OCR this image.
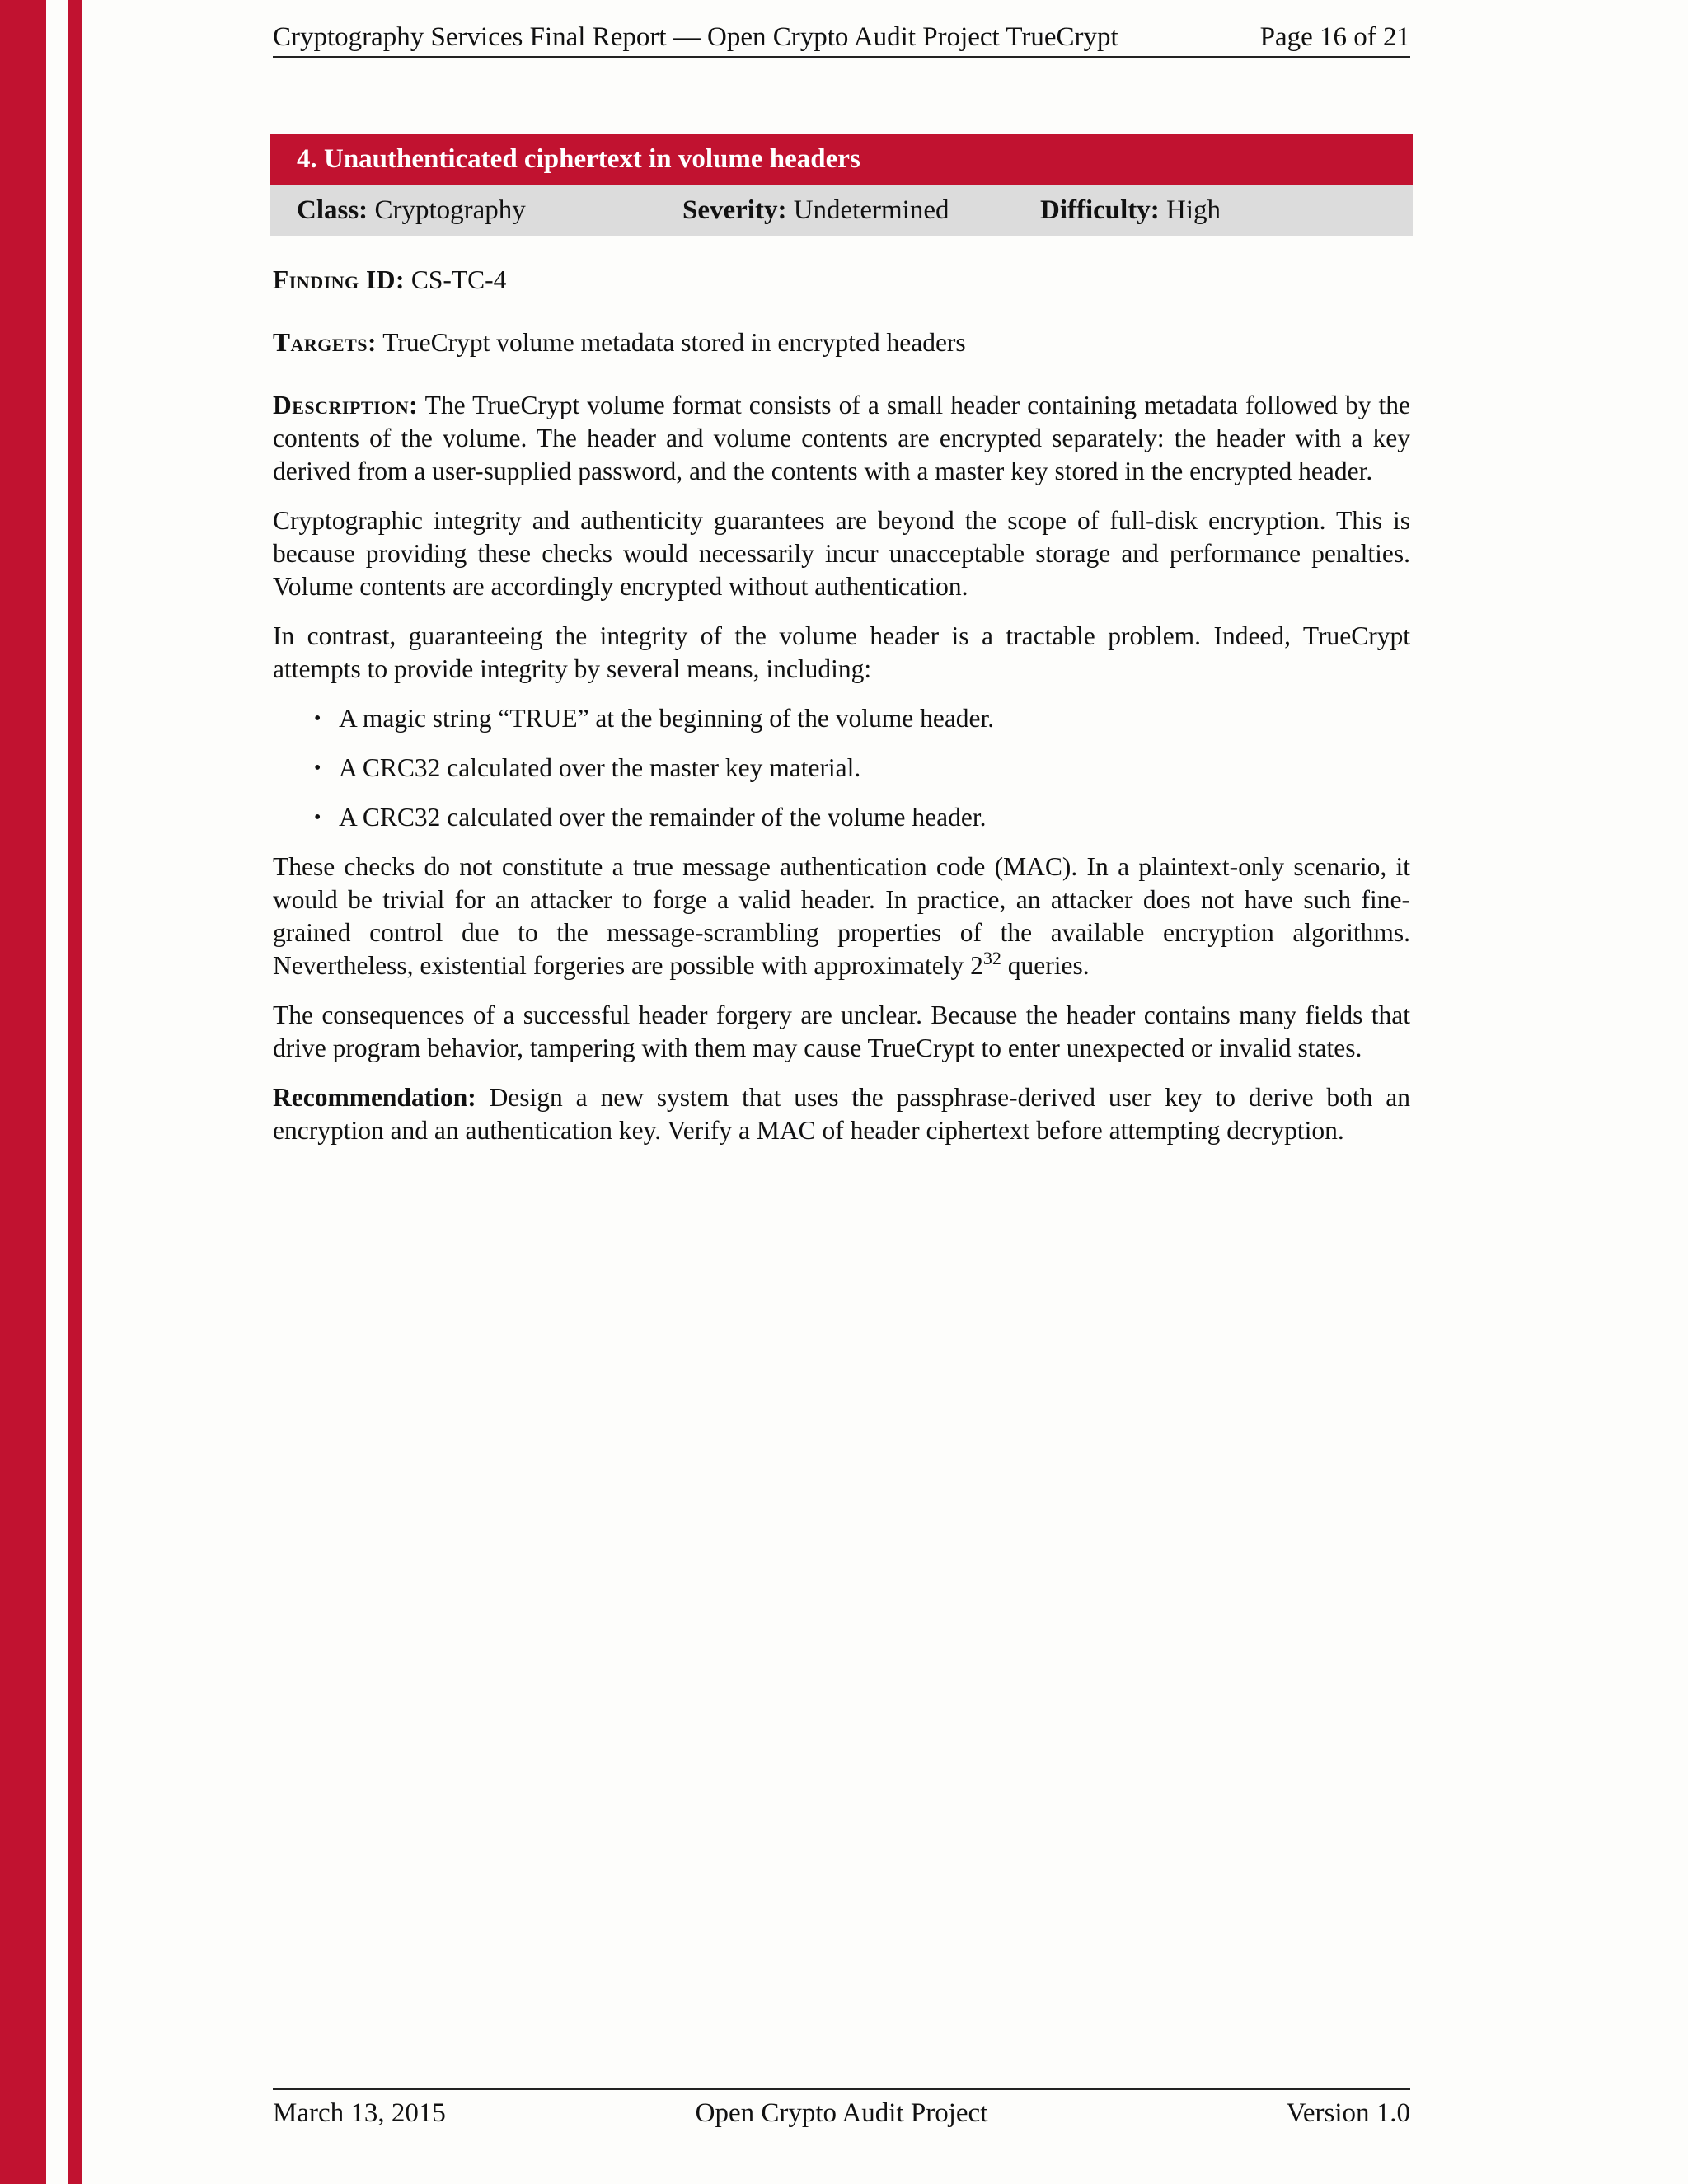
Cryptography Services Final Report — Open Crypto Audit Project TrueCrypt	Page 16 of 21
4. Unauthenticated ciphertext in volume headers
Class: Cryptography	Severity: Undetermined	Difficulty: High

Finding ID: CS-TC-4

Targets: TrueCrypt volume metadata stored in encrypted headers

Description: The TrueCrypt volume format consists of a small header containing metadata followed by the contents of the volume. The header and volume contents are encrypted separately: the header with a key derived from a user-supplied password, and the contents with a master key stored in the encrypted header.

Cryptographic integrity and authenticity guarantees are beyond the scope of full-disk encryption. This is because providing these checks would necessarily incur unacceptable storage and performance penalties. Volume contents are accordingly encrypted without authentication.

In contrast, guaranteeing the integrity of the volume header is a tractable problem. Indeed, TrueCrypt attempts to provide integrity by several means, including:

• A magic string “TRUE” at the beginning of the volume header.
• A CRC32 calculated over the master key material.
• A CRC32 calculated over the remainder of the volume header.

These checks do not constitute a true message authentication code (MAC). In a plaintext-only scenario, it would be trivial for an attacker to forge a valid header. In practice, an attacker does not have such fine-grained control due to the message-scrambling properties of the available encryption algorithms. Nevertheless, existential forgeries are possible with approximately $2^{32}$ queries.

The consequences of a successful header forgery are unclear. Because the header contains many fields that drive program behavior, tampering with them may cause TrueCrypt to enter unexpected or invalid states.

Recommendation: Design a new system that uses the passphrase-derived user key to derive both an encryption and an authentication key. Verify a MAC of header ciphertext before attempting decryption.

March 13, 2015	Open Crypto Audit Project	Version 1.0
